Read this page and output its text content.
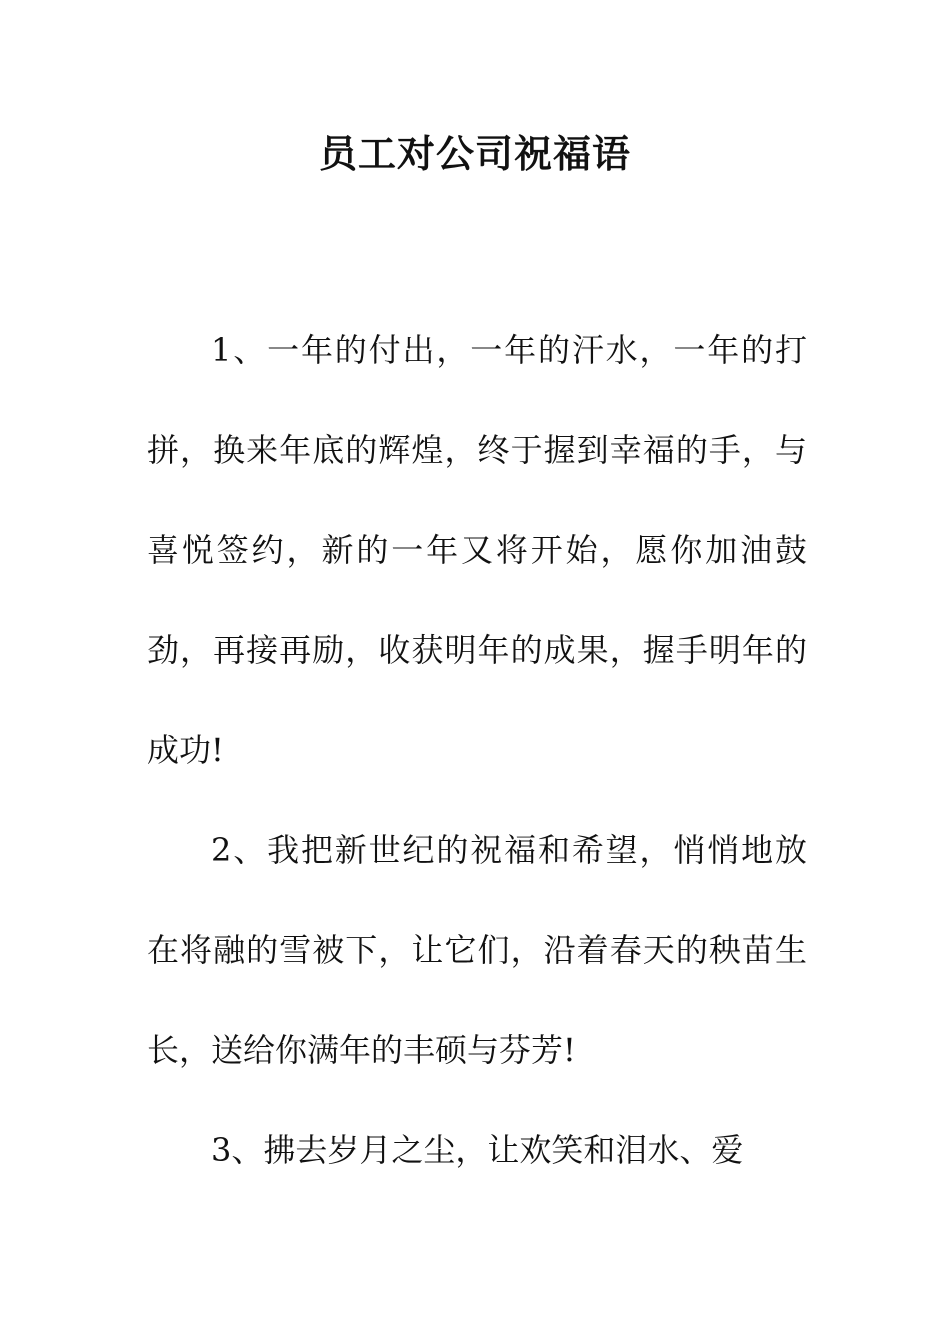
员工对公司祝福语

1、一年的付出，一年的汗水，一年的打拼，换来年底的辉煌，终于握到幸福的手，与喜悦签约，新的一年又将开始，愿你加油鼓劲，再接再励，收获明年的成果，握手明年的成功!

2、我把新世纪的祝福和希望，悄悄地放在将融的雪被下，让它们，沿着春天的秧苗生长，送给你满年的丰硕与芬芳!

3、拂去岁月之尘，让欢笑和泪水、爱
